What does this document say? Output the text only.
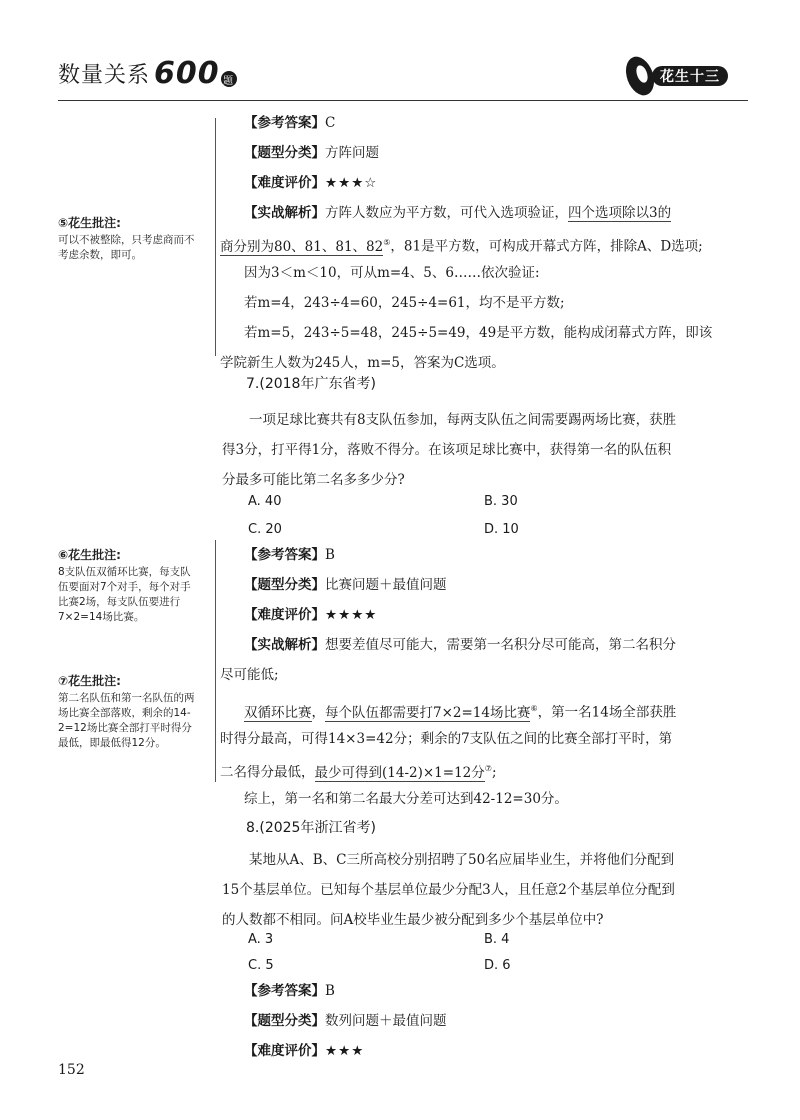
数量关系 600 题	花生十三
⑤花生批注:
可以不被整除，只考虑商而不考虑余数，即可。
⑥花生批注:
8支队伍双循环比赛，每支队伍要面对7个对手，每个对手比赛2场，每支队伍要进行7×2=14场比赛。
⑦花生批注:
第二名队伍和第一名队伍的两场比赛全部落败，剩余的14-2=12场比赛全部打平时得分最低，即最低得12分。
【参考答案】C
【题型分类】方阵问题
【难度评价】★★★☆
【实战解析】方阵人数应为平方数，可代入选项验证，四个选项除以3的
商分别为80、81、81、82⑤，81是平方数，可构成开幕式方阵，排除A、D选项;
因为3＜m＜10，可从m=4、5、6……依次验证:
若m=4，243÷4=60，245÷4=61，均不是平方数;
若m=5，243÷5=48，245÷5=49，49是平方数，能构成闭幕式方阵，即该
学院新生人数为245人，m=5，答案为C选项。
7.(2018年广东省考)
一项足球比赛共有8支队伍参加，每两支队伍之间需要踢两场比赛，获胜
得3分，打平得1分，落败不得分。在该项足球比赛中，获得第一名的队伍积
分最多可能比第二名多多少分?
A. 40	B. 30
C. 20	D. 10
【参考答案】B
【题型分类】比赛问题＋最值问题
【难度评价】★★★★
【实战解析】想要差值尽可能大，需要第一名积分尽可能高，第二名积分
尽可能低;
双循环比赛，每个队伍都需要打7×2=14场比赛⑥，第一名14场全部获胜
时得分最高，可得14×3=42分；剩余的7支队伍之间的比赛全部打平时，第
二名得分最低，最少可得到(14-2)×1=12分⑦;
综上，第一名和第二名最大分差可达到42-12=30分。
8.(2025年浙江省考)
某地从A、B、C三所高校分别招聘了50名应届毕业生，并将他们分配到
15个基层单位。已知每个基层单位最少分配3人，且任意2个基层单位分配到
的人数都不相同。问A校毕业生最少被分配到多少个基层单位中?
A. 3	B. 4
C. 5	D. 6
【参考答案】B
【题型分类】数列问题＋最值问题
【难度评价】★★★
152
